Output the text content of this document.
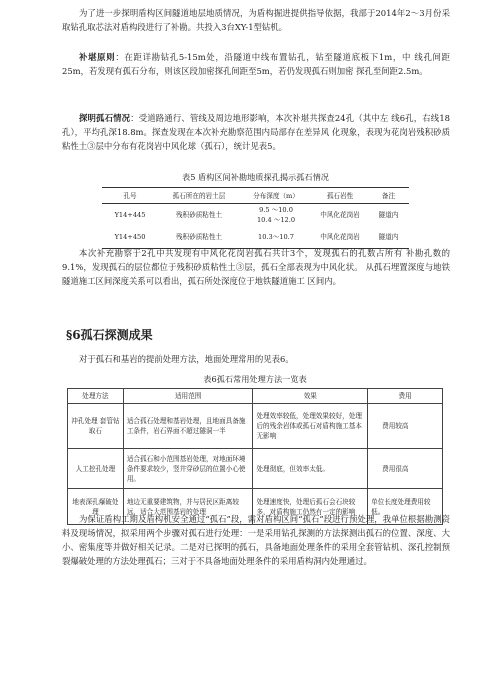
为了进一步探明盾构区间隧道地层地质情况，为盾构掘进提供指导依据，我部于2014年2～3月份采取钻孔取芯法对盾构段进行了补勘。共投入3台XY-1型钻机。

补堪原则：在距详勘钻孔5-15m处，沿隧道中线布置钻孔，钻至隧道底板下1m，中 线孔间距25m，若发现有孤石分布，则该区段加密探孔间距至5m，若仍发现孤石则加密 探孔至间距2.5m。

探明孤石情况：受道路通行、管线及周边地形影响，本次补堪共探查24孔（其中左 线6孔，右线18孔），平均孔深18.8m。探查发现在本次补充勘察范围内局部存在差异风 化现象，表现为花岗岩残积砂质粘性土③层中分布有花岗岩中风化球（孤石），统计见表5。

表5 盾构区间补勘地质探孔揭示孤石情况
孔号	孤石所在的岩土层	分布深度（m）	孤石岩性	备注
Y14+445	残积砂质粘性土	9.5 ～10.0
10.4 ～12.0	中风化花岗岩	隧道内
Y14+450	残积砂质粘性土	10.3～10.7	中风化花岗岩	隧道内

本次补充勘察于2孔中共发现有中风化花岗岩孤石共计3个，发现孤石的孔数占所有 补勘孔数的9.1%，发现孤石的层位都位于残积砂质粘性土③层，孤石全部表现为中风化状。 从孤石埋置深度与地铁隧道施工区间深度关系可以看出，孤石所处深度位于地铁隧道施工 区间内。

§6孤石探测成果

对于孤石和基岩的提前处理方法，地面处理常用的见表6。

表6孤石常用处理方法一览表
处理方法	适用范围	效果	费用
冲孔处理 套管钻取石	适合孤石处理和基岩处理，且地面具备施工条件，岩石界面不超过隧洞一半	处理效率较低，处理效果较好，处理后的残余岩体或孤石对盾构施工基本无影响	费用较高
人工挖孔处理	适合孤石和小范围基岩处理，对地面环境条件要求较少，竖井穿砂层的位置小心使用。	处理彻底，但效率太低。	费用很高
地表深孔爆破处理	地边无重要建筑物，并与居民区距离较远，适合大范围基岩的处理	处理速度快，处理后孤石会石块较多，对盾构施工仍然有一定的影响	单位长度处理费用较低。

为保证盾构工期及盾构机安全通过“孤石”段，需对盾构区间“孤石”段进行预处理，我单位根据勘测资料及现场情况，拟采用两个步骤对孤石进行处理：一是采用钻孔探测的方法探测出孤石的位置、深度、大小、密集度等并做好相关记录。二是对已探明的孤石，具备地面处理条件的采用全套管钻机、深孔控制预裂爆破处理的方法处理孤石；三对于不具备地面处理条件的采用盾构洞内处理通过。
